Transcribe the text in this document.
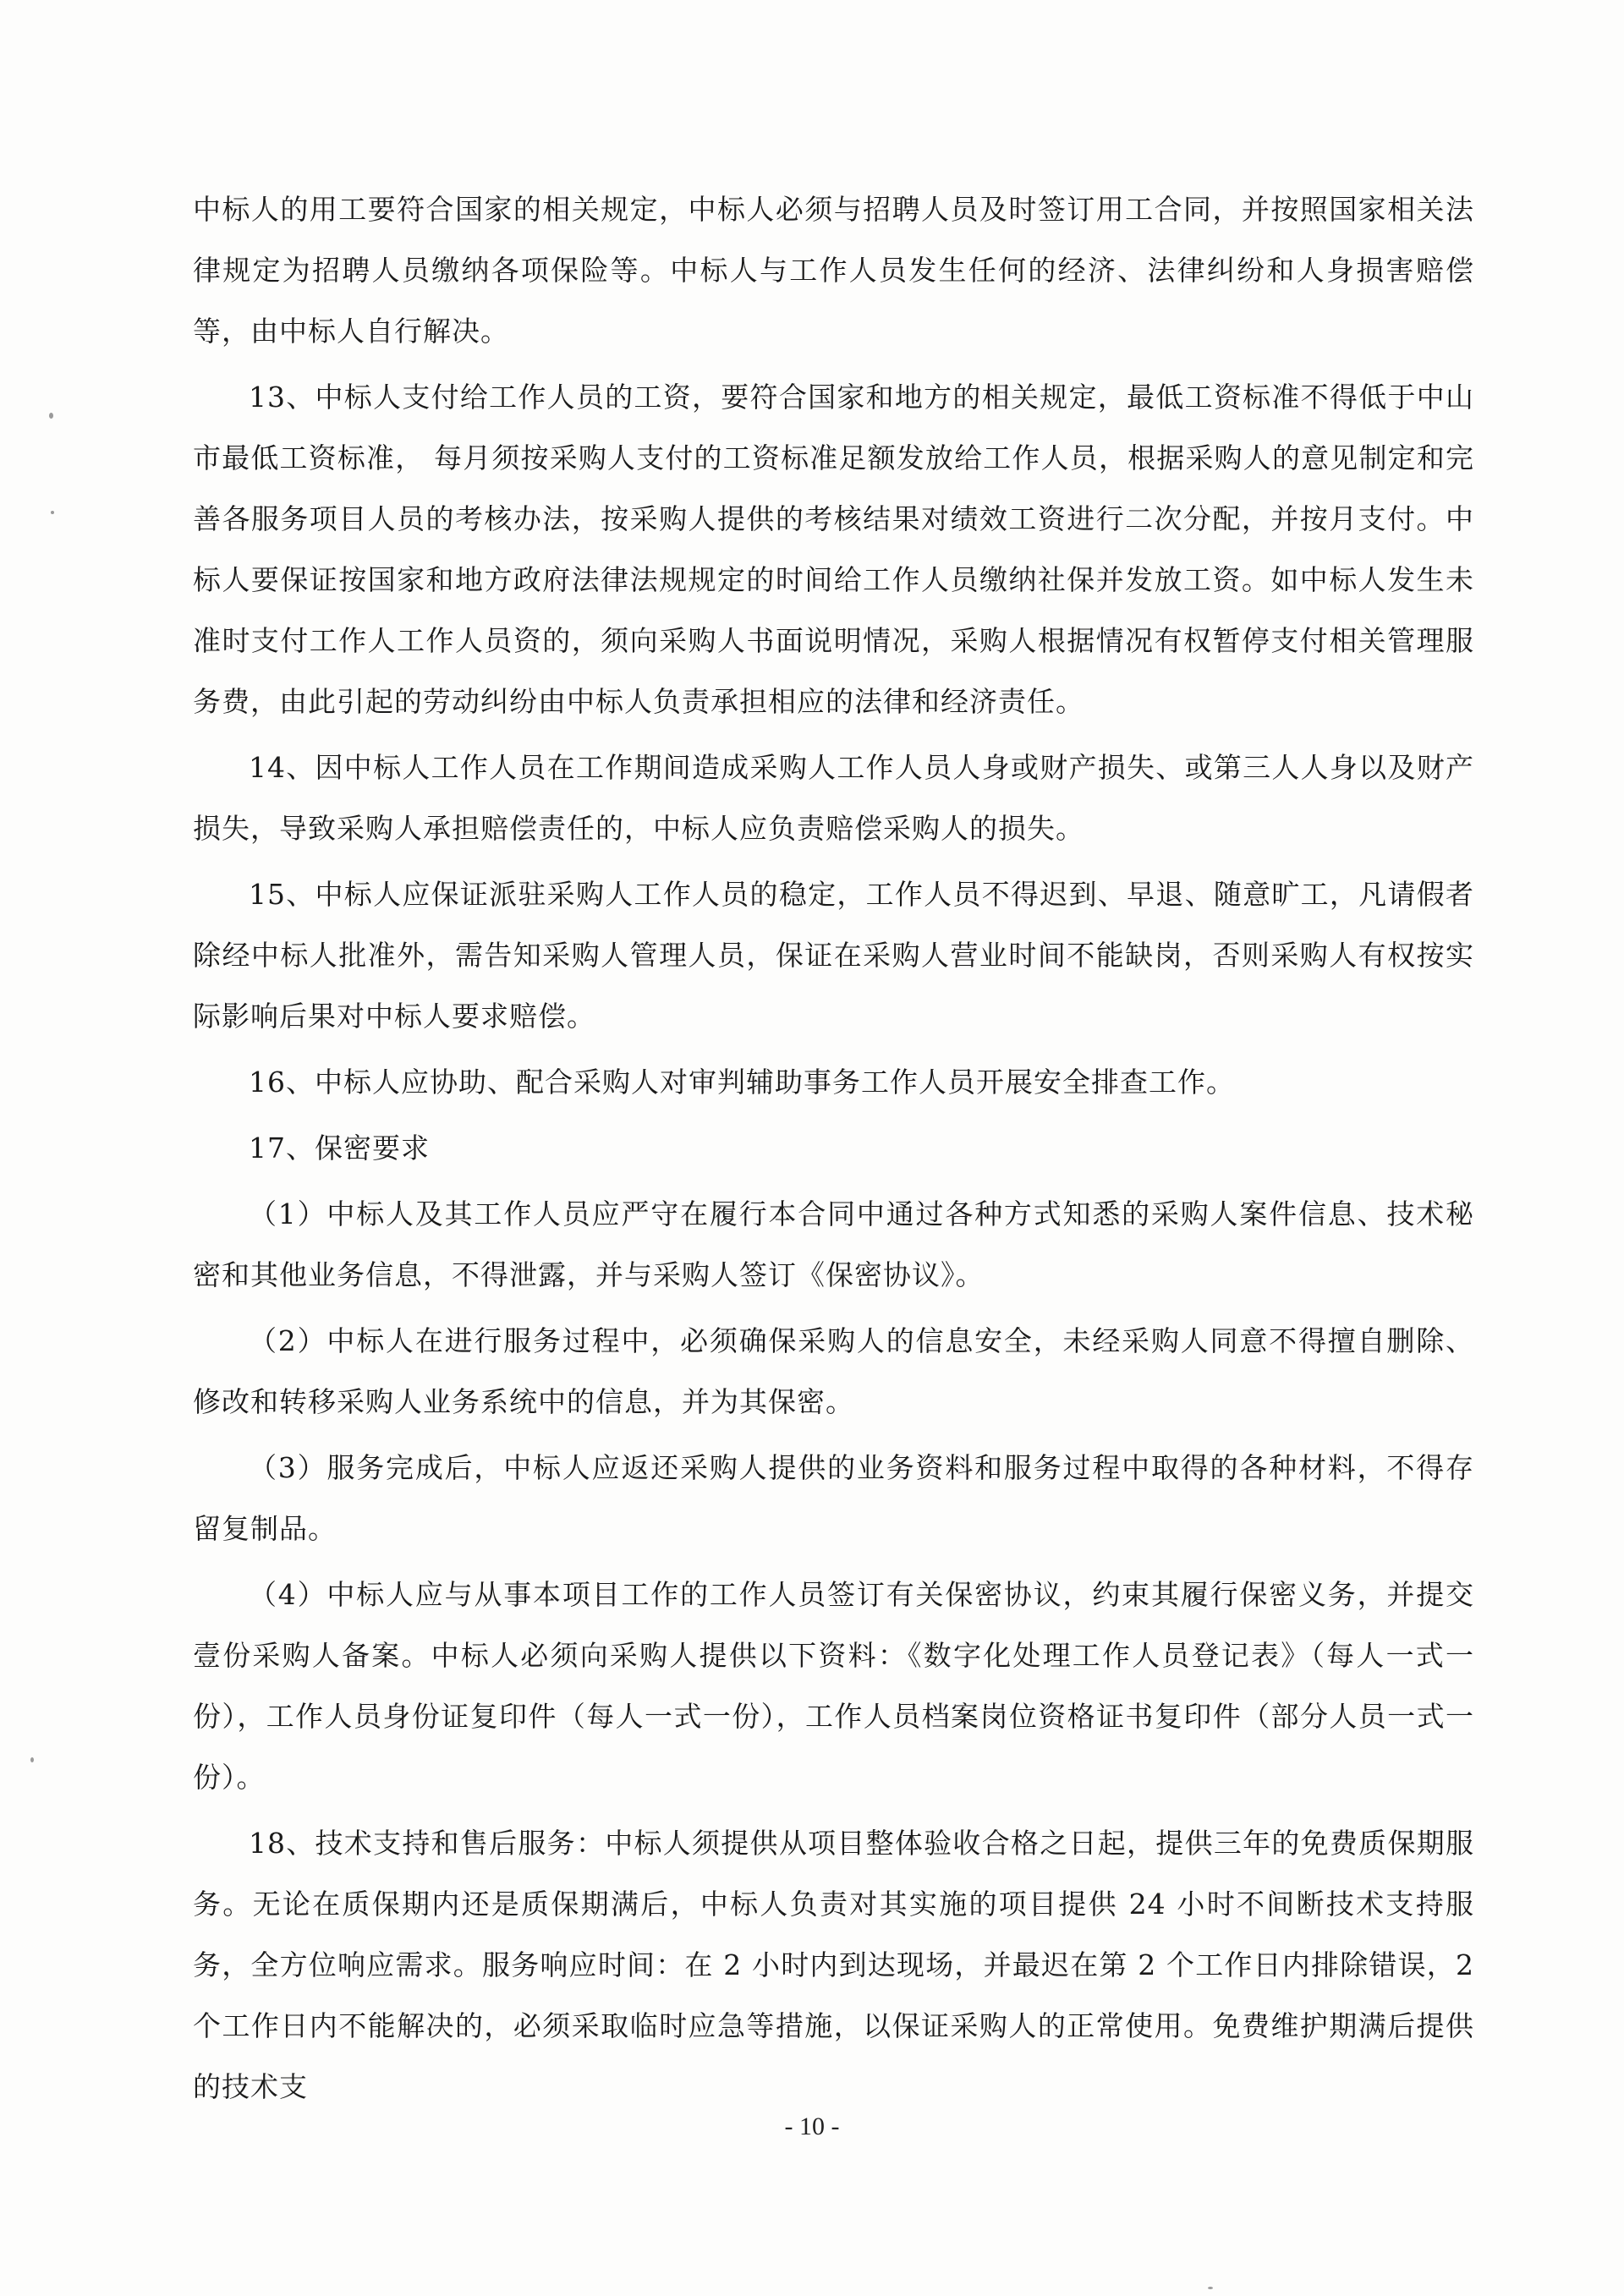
中标人的用工要符合国家的相关规定，中标人必须与招聘人员及时签订用工合同，并按照国家相关法律规定为招聘人员缴纳各项保险等。中标人与工作人员发生任何的经济、法律纠纷和人身损害赔偿等，由中标人自行解决。

13、中标人支付给工作人员的工资，要符合国家和地方的相关规定，最低工资标准不得低于中山市最低工资标准， 每月须按采购人支付的工资标准足额发放给工作人员，根据采购人的意见制定和完善各服务项目人员的考核办法，按采购人提供的考核结果对绩效工资进行二次分配，并按月支付。中标人要保证按国家和地方政府法律法规规定的时间给工作人员缴纳社保并发放工资。如中标人发生未准时支付工作人工作人员资的，须向采购人书面说明情况，采购人根据情况有权暂停支付相关管理服务费，由此引起的劳动纠纷由中标人负责承担相应的法律和经济责任。

14、因中标人工作人员在工作期间造成采购人工作人员人身或财产损失、或第三人人身以及财产损失，导致采购人承担赔偿责任的，中标人应负责赔偿采购人的损失。

15、中标人应保证派驻采购人工作人员的稳定，工作人员不得迟到、早退、随意旷工，凡请假者除经中标人批准外，需告知采购人管理人员，保证在采购人营业时间不能缺岗，否则采购人有权按实际影响后果对中标人要求赔偿。

16、中标人应协助、配合采购人对审判辅助事务工作人员开展安全排查工作。

17、保密要求

（1）中标人及其工作人员应严守在履行本合同中通过各种方式知悉的采购人案件信息、技术秘密和其他业务信息，不得泄露，并与采购人签订《保密协议》。

（2）中标人在进行服务过程中，必须确保采购人的信息安全，未经采购人同意不得擅自删除、修改和转移采购人业务系统中的信息，并为其保密。

（3）服务完成后，中标人应返还采购人提供的业务资料和服务过程中取得的各种材料，不得存留复制品。

（4）中标人应与从事本项目工作的工作人员签订有关保密协议，约束其履行保密义务，并提交壹份采购人备案。中标人必须向采购人提供以下资料：《数字化处理工作人员登记表》（每人一式一份），工作人员身份证复印件（每人一式一份），工作人员档案岗位资格证书复印件（部分人员一式一份）。

18、技术支持和售后服务：中标人须提供从项目整体验收合格之日起，提供三年的免费质保期服务。无论在质保期内还是质保期满后，中标人负责对其实施的项目提供 24 小时不间断技术支持服务，全方位响应需求。服务响应时间：在 2 小时内到达现场，并最迟在第 2 个工作日内排除错误，2 个工作日内不能解决的，必须采取临时应急等措施，以保证采购人的正常使用。免费维护期满后提供的技术支

- 10 -
